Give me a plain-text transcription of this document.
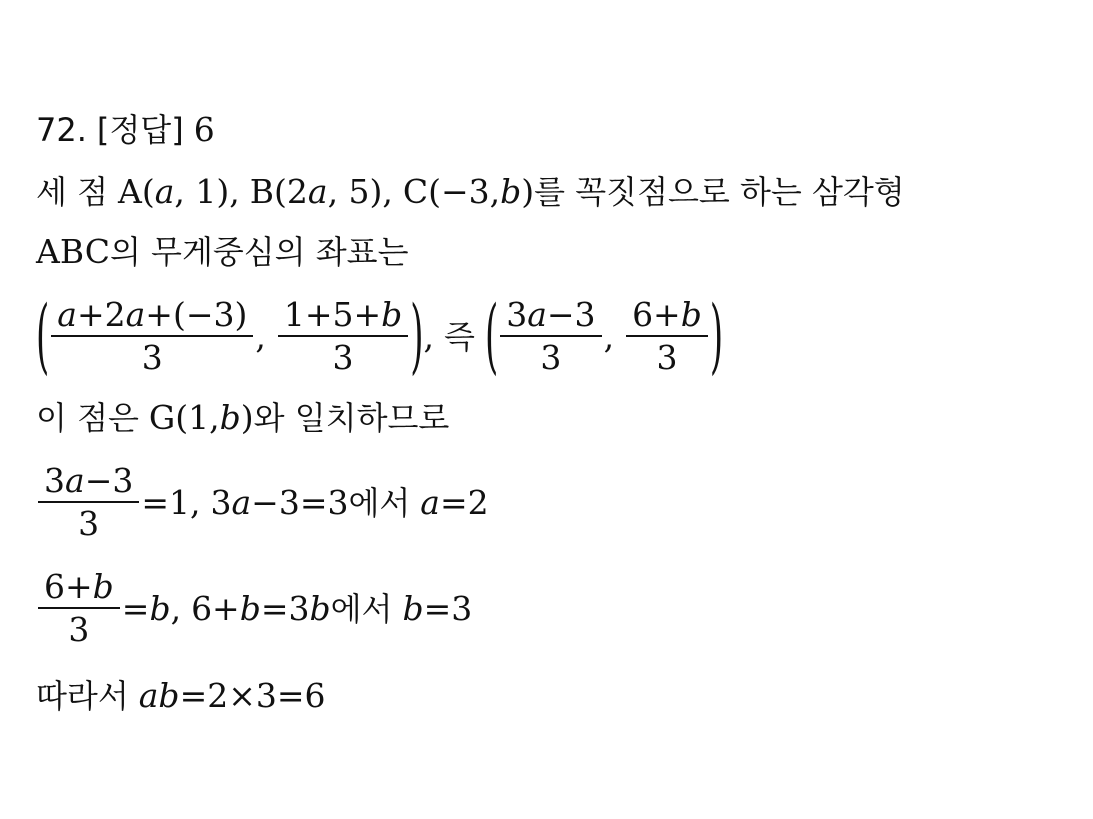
72. [정답] 6
세 점 A( a , 1), B(2 a , 5), C(−3, b ) 를 꼭짓점으로 하는 삼각형
ABC 의 무게중심의 좌표는
( $\frac{a+2a+(-3)}{3}$ , $\frac{1+5+b}{3}$ ) , 즉 ( $\frac{3a-3}{3}$ , $\frac{6+b}{3}$ )
이 점은 G(1, b ) 와 일치하므로
$\frac{3a-3}{3} =1$, 3 a −3=3 에서 a =2
$\frac{6+b}{3} = b$ , 6+ b =3 b 에서 b =3
따라서 ab =2×3=6
